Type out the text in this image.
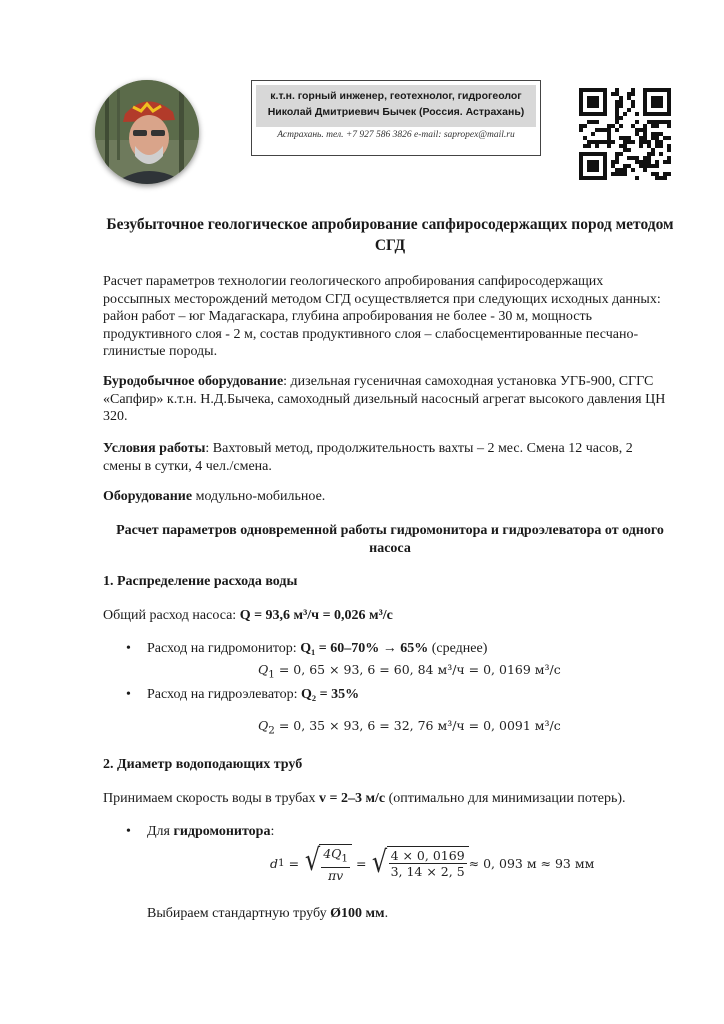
к.т.н. горный инженер, геотехнолог, гидрогеолог
Николай Дмитриевич Бычек (Россия. Астрахань)
Астрахань. тел. +7 927 586 3826 e-mail: sapropex@mail.ru
Безубыточное геологическое апробирование сапфиросодержащих пород методом СГД
Расчет параметров технологии геологического апробирования сапфиросодержащих россыпных месторождений методом СГД осуществляется при следующих исходных данных: район работ – юг Мадагаскара, глубина апробирования не более - 30 м, мощность продуктивного слоя - 2 м, состав продуктивного слоя – слабосцементированные песчано-глинистые породы.
Буродобычное оборудование: дизельная гусеничная самоходная установка УГБ-900, СГГС «Сапфир» к.т.н. Н.Д.Бычека, самоходный дизельный насосный агрегат высокого давления ЦН 320.
Условия работы: Вахтовый метод, продолжительность вахты – 2 мес. Смена 12 часов, 2 смены в сутки, 4 чел./смена.
Оборудование модульно-мобильное.
Расчет параметров одновременной работы гидромонитора и гидроэлеватора от одного насоса
1. Распределение расхода воды
Общий расход насоса: Q = 93,6 м³/ч = 0,026 м³/с
• Расход на гидромонитор: Q₁ = 60–70% → 65% (среднее)
$Q_1 = 0$, 65 × 93, 6 = 60, 84 м³/ч = 0, 0169 м³/с
• Расход на гидроэлеватор: Q₂ = 35%
$Q_2 = 0$, 35 × 93, 6 = 32, 76 м³/ч = 0, 0091 м³/с
2. Диаметр водоподающих труб
Принимаем скорость воды в трубах v = 2–3 м/с (оптимально для минимизации потерь).
• Для гидромонитора:
d 1 = √ $\frac{4Q_1}{\pi v}$ = √ $\frac{4 \times 0, 0169}{3, 14 \times 2, 5} \approx 0$, 093 м ≈ 93 мм
Выбираем стандартную трубу Ø100 мм.
